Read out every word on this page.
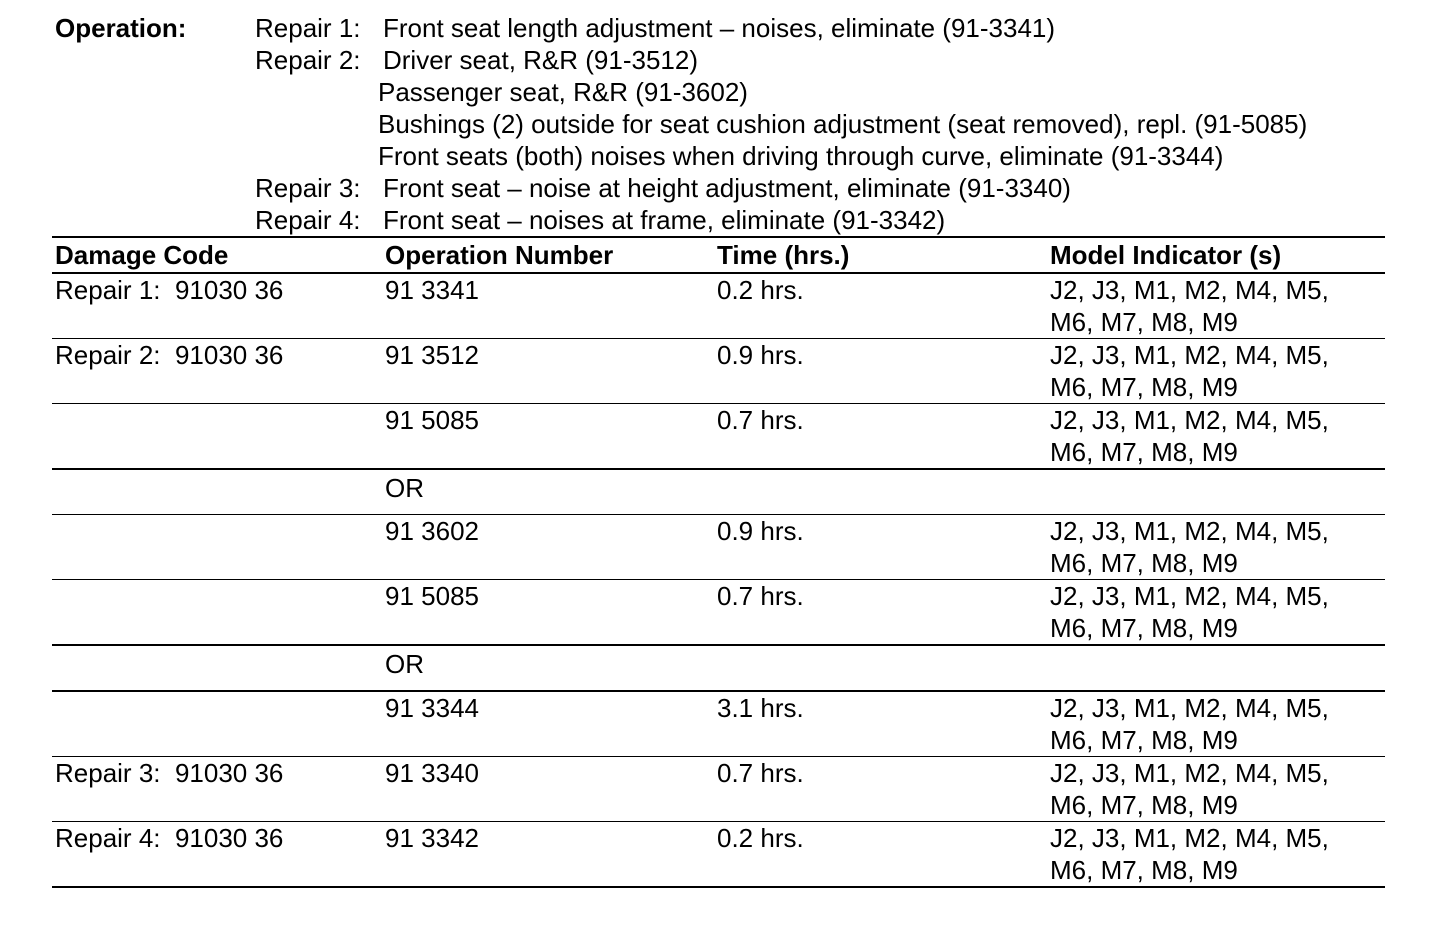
Operation:	Repair 1: Front seat length adjustment – noises, eliminate (91-3341)
Repair 2: Driver seat, R&R (91-3512)
Passenger seat, R&R (91-3602)
Bushings (2) outside for seat cushion adjustment (seat removed), repl. (91-5085)
Front seats (both) noises when driving through curve, eliminate (91-3344)
Repair 3: Front seat – noise at height adjustment, eliminate (91-3340)
Repair 4: Front seat – noises at frame, eliminate (91-3342)
Damage Code	Operation Number	Time (hrs.)	Model Indicator (s)
Repair 1:  91030 36	91 3341	0.2 hrs.	J2, J3, M1, M2, M4, M5,
M6, M7, M8, M9

Repair 2:  91030 36	91 3512	0.9 hrs.	J2, J3, M1, M2, M4, M5,
M6, M7, M8, M9

	91 5085	0.7 hrs.	J2, J3, M1, M2, M4, M5,
M6, M7, M8, M9

	OR		
	91 3602	0.9 hrs.	J2, J3, M1, M2, M4, M5,
M6, M7, M8, M9

	91 5085	0.7 hrs.	J2, J3, M1, M2, M4, M5,
M6, M7, M8, M9

	OR		
	91 3344	3.1 hrs.	J2, J3, M1, M2, M4, M5,
M6, M7, M8, M9

Repair 3:  91030 36	91 3340	0.7 hrs.	J2, J3, M1, M2, M4, M5,
M6, M7, M8, M9

Repair 4:  91030 36	91 3342	0.2 hrs.	J2, J3, M1, M2, M4, M5,
M6, M7, M8, M9
